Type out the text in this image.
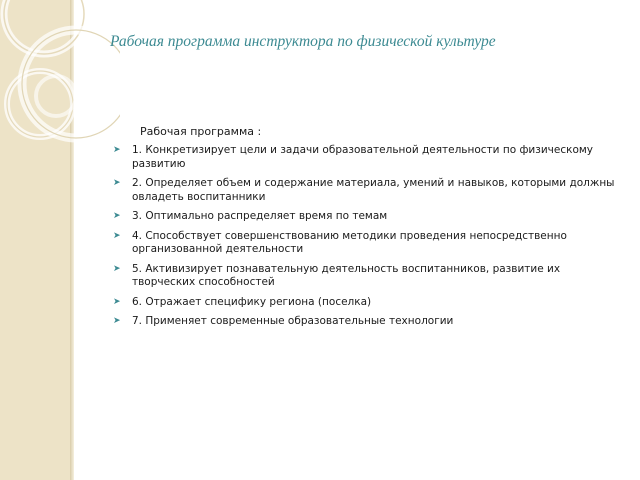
Рабочая программа инструктора по физической культуре

Рабочая программа :

➤ 1. Конкретизирует цели и задачи образовательной деятельности по физическому развитию
➤ 2. Определяет объем и содержание материала, умений и навыков, которыми должны овладеть воспитанники
➤ 3. Оптимально распределяет время по темам
➤ 4. Способствует совершенствованию методики проведения непосредственно организованной деятельности
➤ 5. Активизирует познавательную деятельность воспитанников, развитие их творческих способностей
➤ 6. Отражает специфику региона (поселка)
➤ 7. Применяет современные образовательные технологии
